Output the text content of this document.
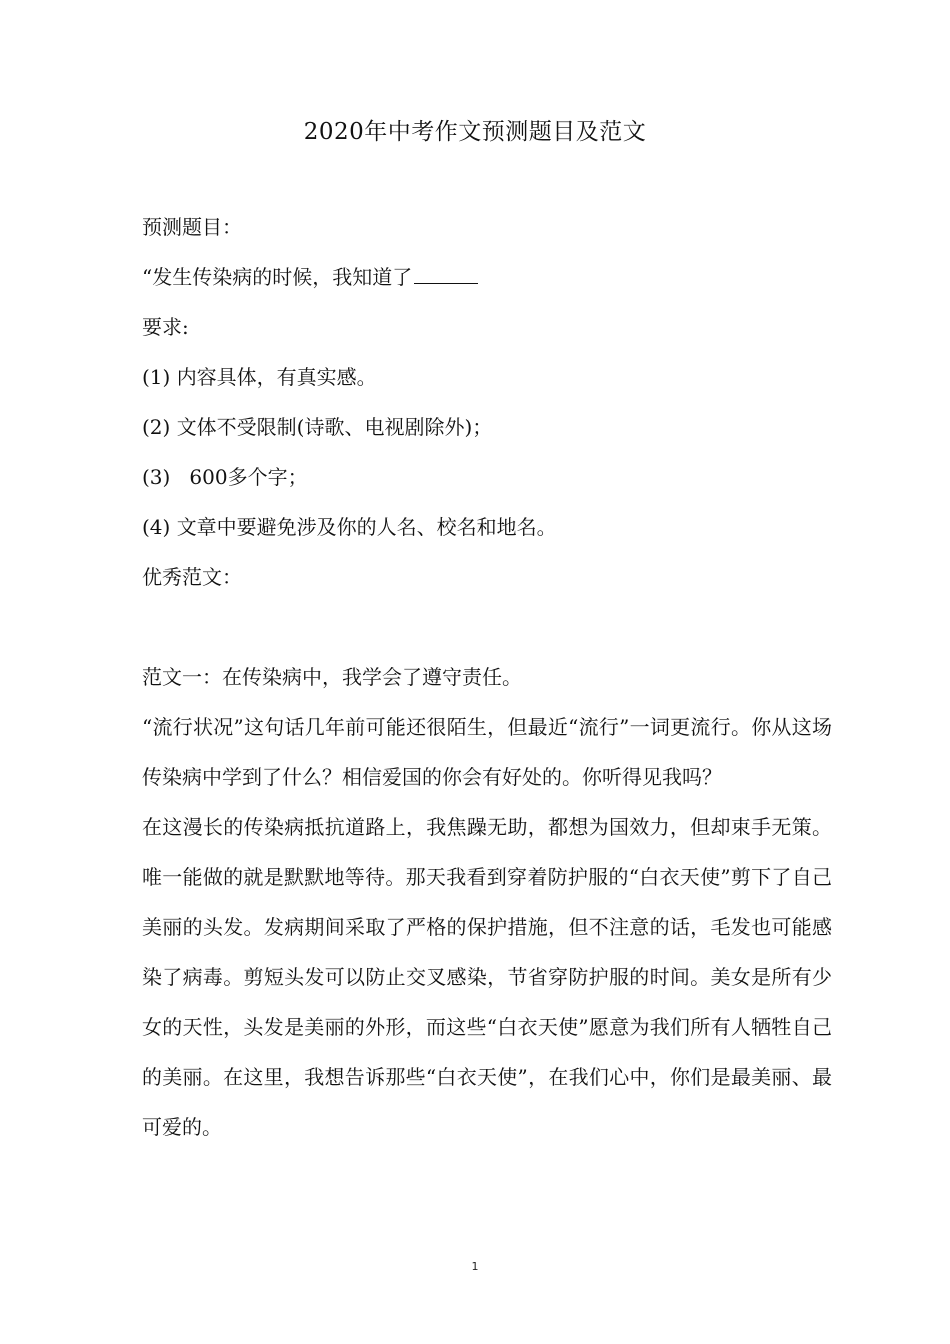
2020年中考作文预测题目及范文
预测题目：
“发生传染病的时候，我知道了
要求:
(1) 内容具体，有真实感。
(2) 文体不受限制(诗歌、电视剧除外)；
(3)   600多个字；
(4) 文章中要避免涉及你的人名、校名和地名。
优秀范文：
范文一：在传染病中，我学会了遵守责任。

“流行状况”这句话几年前可能还很陌生，但最近“流行”一词更流行。你从这场传染病中学到了什么？相信爱国的你会有好处的。你听得见我吗？

在这漫长的传染病抵抗道路上，我焦躁无助，都想为国效力，但却束手无策。唯一能做的就是默默地等待。那天我看到穿着防护服的“白衣天使”剪下了自己美丽的头发。发病期间采取了严格的保护措施，但不注意的话，毛发也可能感染了病毒。剪短头发可以防止交叉感染，节省穿防护服的时间。美女是所有少女的天性，头发是美丽的外形，而这些“白衣天使”愿意为我们所有人牺牲自己的美丽。在这里，我想告诉那些“白衣天使”，在我们心中，你们是最美丽、最可爱的。

1
